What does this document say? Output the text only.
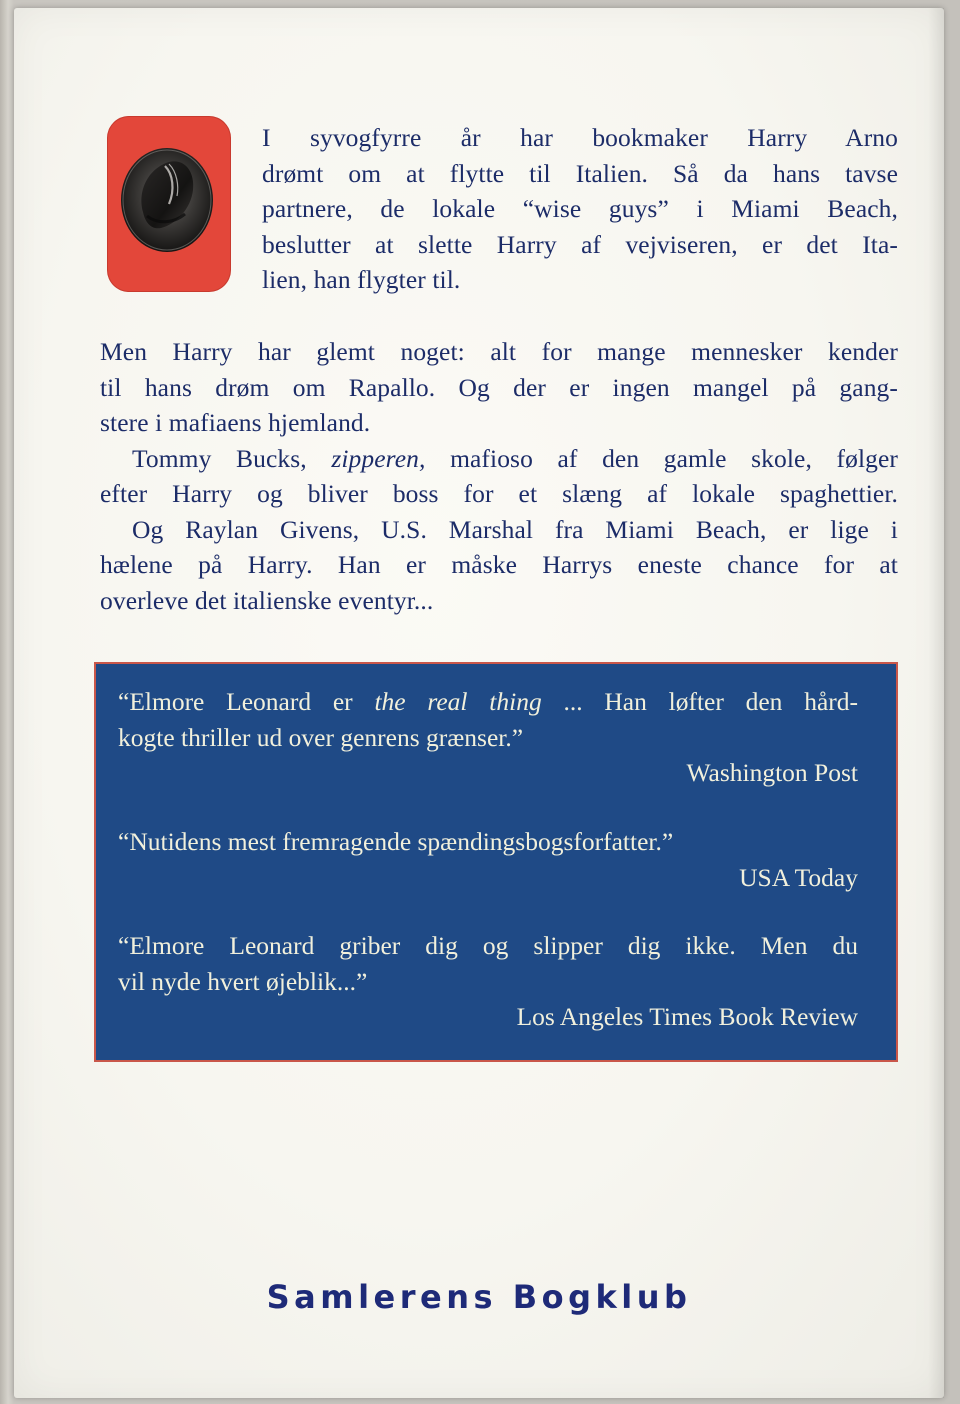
I syvogfyrre år har bookmaker Harry Arno
drømt om at flytte til Italien. Så da hans tavse
partnere, de lokale “wise guys” i Miami Beach,
beslutter at slette Harry af vejviseren, er det Ita-
lien, han flygter til.
Men Harry har glemt noget: alt for mange mennesker kender
til hans drøm om Rapallo. Og der er ingen mangel på gang-
stere i mafiaens hjemland.
Tommy Bucks, zipperen, mafioso af den gamle skole, følger
efter Harry og bliver boss for et slæng af lokale spaghettier.
Og Raylan Givens, U.S. Marshal fra Miami Beach, er lige i
hælene på Harry. Han er måske Harrys eneste chance for at
overleve det italienske eventyr...
“Elmore Leonard er the real thing ... Han løfter den hård-
kogte thriller ud over genrens grænser.”
Washington Post
“Nutidens mest fremragende spændingsbogsforfatter.”
USA Today
“Elmore Leonard griber dig og slipper dig ikke. Men du
vil nyde hvert øjeblik...”
Los Angeles Times Book Review
Samlerens Bogklub
